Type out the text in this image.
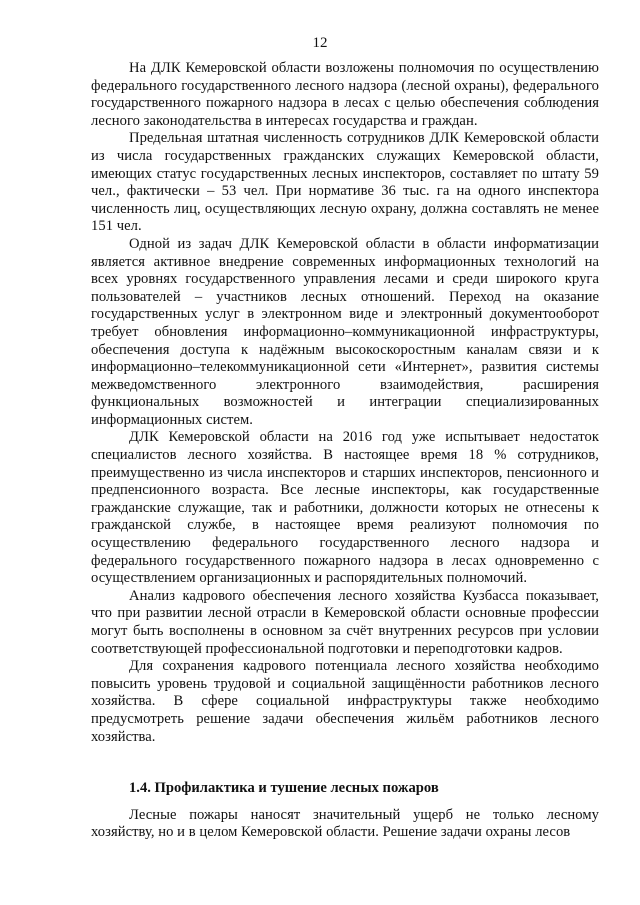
12

На ДЛК Кемеровской области возложены полномочия по осуществлению федерального государственного лесного надзора (лесной охраны), федерального государственного пожарного надзора в лесах с целью обеспечения соблюдения лесного законодательства в интересах государства и граждан.

Предельная штатная численность сотрудников ДЛК Кемеровской области из числа государственных гражданских служащих Кемеровской области, имеющих статус государственных лесных инспекторов, составляет по штату 59 чел., фактически – 53 чел. При нормативе 36 тыс. га на одного инспектора численность лиц, осуществляющих лесную охрану, должна составлять не менее 151 чел.

Одной из задач ДЛК Кемеровской области в области информатизации является активное внедрение современных информационных технологий на всех уровнях государственного управления лесами и среди широкого круга пользователей – участников лесных отношений. Переход на оказание государственных услуг в электронном виде и электронный документооборот требует обновления информационно–коммуникационной инфраструктуры, обеспечения доступа к надёжным высокоскоростным каналам связи и к информационно–телекоммуникационной сети «Интернет», развития системы межведомственного электронного взаимодействия, расширения функциональных возможностей и интеграции специализированных информационных систем.

ДЛК Кемеровской области на 2016 год уже испытывает недостаток специалистов лесного хозяйства. В настоящее время 18 % сотрудников, преимущественно из числа инспекторов и старших инспекторов, пенсионного и предпенсионного возраста. Все лесные инспекторы, как государственные гражданские служащие, так и работники, должности которых не отнесены к гражданской службе, в настоящее время реализуют полномочия по осуществлению федерального государственного лесного надзора и федерального государственного пожарного надзора в лесах одновременно с осуществлением организационных и распорядительных полномочий.

Анализ кадрового обеспечения лесного хозяйства Кузбасса показывает, что при развитии лесной отрасли в Кемеровской области основные профессии могут быть восполнены в основном за счёт внутренних ресурсов при условии соответствующей профессиональной подготовки и переподготовки кадров.

Для сохранения кадрового потенциала лесного хозяйства необходимо повысить уровень трудовой и социальной защищённости работников лесного хозяйства. В сфере социальной инфраструктуры также необходимо предусмотреть решение задачи обеспечения жильём работников лесного хозяйства.

1.4. Профилактика и тушение лесных пожаров

Лесные пожары наносят значительный ущерб не только лесному хозяйству, но и в целом Кемеровской области. Решение задачи охраны лесов
